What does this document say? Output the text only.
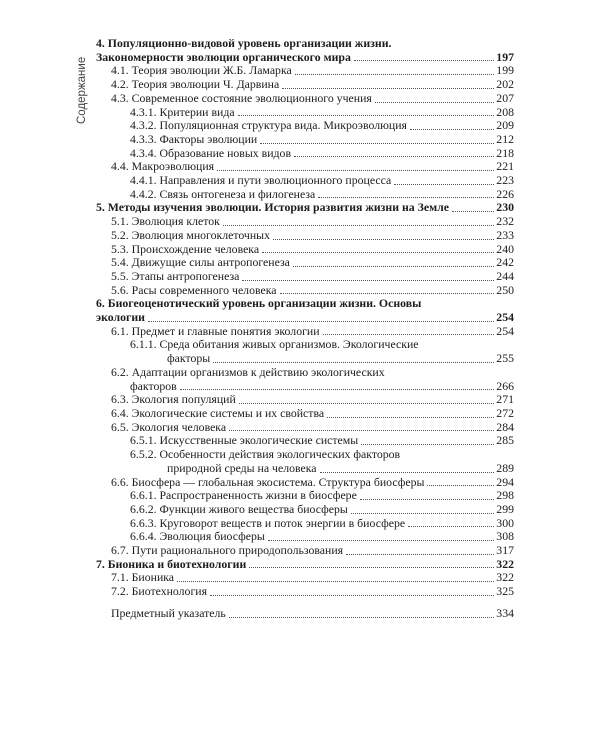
Содержание
4. Популяционно-видовой уровень организации жизни.
Закономерности эволюции органического мира	197
4.1. Теория эволюции Ж.Б. Ламарка	199
4.2. Теория эволюции Ч. Дарвина	202
4.3. Современное состояние эволюционного учения	207
4.3.1. Критерии вида	208
4.3.2. Популяционная структура вида. Микроэволюция	209
4.3.3. Факторы эволюции	212
4.3.4. Образование новых видов	218
4.4. Макроэволюция	221
4.4.1. Направления и пути эволюционного процесса	223
4.4.2. Связь онтогенеза и филогенеза	226
5. Методы изучения эволюции. История развития жизни на Земле	230
5.1. Эволюция клеток	232
5.2. Эволюция многоклеточных	233
5.3. Происхождение человека	240
5.4. Движущие силы антропогенеза	242
5.5. Этапы антропогенеза	244
5.6. Расы современного человека	250
6. Биогеоценотический уровень организации жизни. Основы
экологии	254
6.1. Предмет и главные понятия экологии	254
6.1.1. Среда обитания живых организмов. Экологические
факторы	255
6.2. Адаптации организмов к действию экологических
факторов	266
6.3. Экология популяций	271
6.4. Экологические системы и их свойства	272
6.5. Экология человека	284
6.5.1. Искусственные экологические системы	285
6.5.2. Особенности действия экологических факторов
природной среды на человека	289
6.6. Биосфера — глобальная экосистема. Структура биосферы	294
6.6.1. Распространенность жизни в биосфере	298
6.6.2. Функции живого вещества биосферы	299
6.6.3. Круговорот веществ и поток энергии в биосфере	300
6.6.4. Эволюция биосферы	308
6.7. Пути рационального природопользования	317
7. Бионика и биотехнологии	322
7.1. Бионика	322
7.2. Биотехнология	325
Предметный указатель	334
